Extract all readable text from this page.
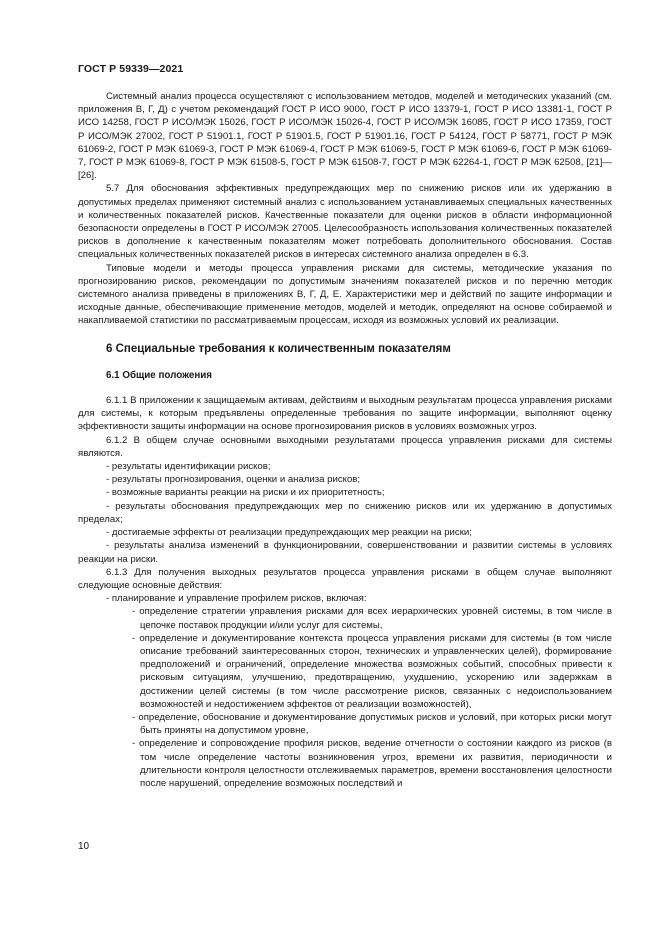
ГОСТ Р 59339—2021

Системный анализ процесса осуществляют с использованием методов, моделей и методических указаний (см. приложения В, Г, Д) с учетом рекомендаций ГОСТ Р ИСО 9000, ГОСТ Р ИСО 13379-1, ГОСТ Р ИСО 13381-1, ГОСТ Р ИСО 14258, ГОСТ Р ИСО/МЭК 15026, ГОСТ Р ИСО/МЭК 15026-4, ГОСТ Р ИСО/МЭК 16085, ГОСТ Р ИСО 17359, ГОСТ Р ИСО/МЭК 27002, ГОСТ Р 51901.1, ГОСТ Р 51901.5, ГОСТ Р 51901.16, ГОСТ Р 54124, ГОСТ Р 58771, ГОСТ Р МЭК 61069-2, ГОСТ Р МЭК 61069-3, ГОСТ Р МЭК 61069-4, ГОСТ Р МЭК 61069-5, ГОСТ Р МЭК 61069-6, ГОСТ Р МЭК 61069-7, ГОСТ Р МЭК 61069-8, ГОСТ Р МЭК 61508-5, ГОСТ Р МЭК 61508-7, ГОСТ Р МЭК 62264-1, ГОСТ Р МЭК 62508, [21]—[26].

5.7 Для обоснования эффективных предупреждающих мер по снижению рисков или их удержанию в допустимых пределах применяют системный анализ с использованием устанавливаемых специальных качественных и количественных показателей рисков. Качественные показатели для оценки рисков в области информационной безопасности определены в ГОСТ Р ИСО/МЭК 27005. Целесообразность использования количественных показателей рисков в дополнение к качественным показателям может потребовать дополнительного обоснования. Состав специальных количественных показателей рисков в интересах системного анализа определен в 6.3.

Типовые модели и методы процесса управления рисками для системы, методические указания по прогнозированию рисков, рекомендации по допустимым значениям показателей рисков и по перечню методик системного анализа приведены в приложениях В, Г, Д, Е. Характеристики мер и действий по защите информации и исходные данные, обеспечивающие применение методов, моделей и методик, определяют на основе собираемой и накапливаемой статистики по рассматриваемым процессам, исходя из возможных условий их реализации.

6 Специальные требования к количественным показателям

6.1 Общие положения

6.1.1 В приложении к защищаемым активам, действиям и выходным результатам процесса управления рисками для системы, к которым предъявлены определенные требования по защите информации, выполняют оценку эффективности защиты информации на основе прогнозирования рисков в условиях возможных угроз.

6.1.2 В общем случае основными выходными результатами процесса управления рисками для системы являются.

- результаты идентификации рисков;
- результаты прогнозирования, оценки и анализа рисков;
- возможные варианты реакции на риски и их приоритетность;
- результаты обоснования предупреждающих мер по снижению рисков или их удержанию в допустимых пределах;
- достигаемые эффекты от реализации предупреждающих мер реакции на риски;
- результаты анализа изменений в функционировании, совершенствовании и развитии системы в условиях реакции на риски.

6.1.3 Для получения выходных результатов процесса управления рисками в общем случае выполняют следующие основные действия:

- планирование и управление профилем рисков, включая:
- определение стратегии управления рисками для всех иерархических уровней системы, в том числе в цепочке поставок продукции и/или услуг для системы,
- определение и документирование контекста процесса управления рисками для системы (в том числе описание требований заинтересованных сторон, технических и управленческих целей), формирование предположений и ограничений, определение множества возможных событий, способных привести к рисковым ситуациям, улучшению, предотвращению, ухудшению, ускорению или задержкам в достижении целей системы (в том числе рассмотрение рисков, связанных с недоиспользованием возможностей и недостижением эффектов от реализации возможностей),
- определение, обоснование и документирование допустимых рисков и условий, при которых риски могут быть приняты на допустимом уровне,
- определение и сопровождение профиля рисков, ведение отчетности о состоянии каждого из рисков (в том числе определение частоты возникновения угроз, времени их развития, периодичности и длительности контроля целостности отслеживаемых параметров, времени восстановления целостности после нарушений, определение возможных последствий и
10
